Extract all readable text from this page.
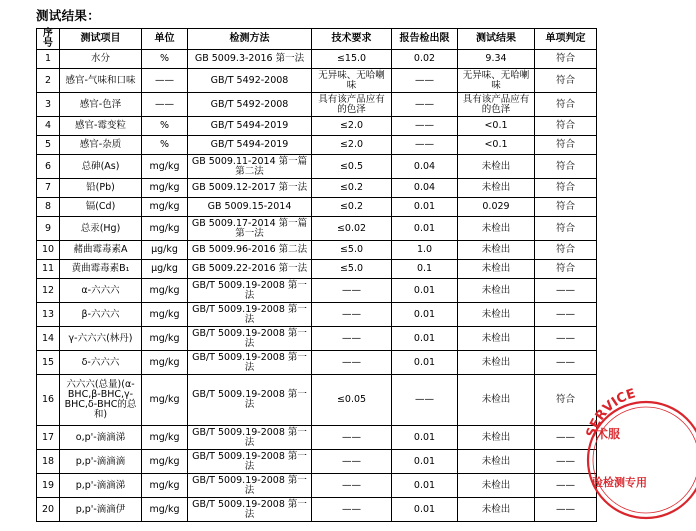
测试结果：
序号	测试项目	单位	检测方法	技术要求	报告检出限	测试结果	单项判定
1	水分	%	GB 5009.3-2016 第一法	≤15.0	0.02	9.34	符合
2	感官-气味和口味	——	GB/T 5492-2008	无异味、无哈喇味	——	无异味、无哈喇味	符合
3	感官-色泽	——	GB/T 5492-2008	具有该产品应有的色泽	——	具有该产品应有的色泽	符合
4	感官-霉变粒	%	GB/T 5494-2019	≤2.0	——	<0.1	符合
5	感官-杂质	%	GB/T 5494-2019	≤2.0	——	<0.1	符合
6	总砷(As)	mg/kg	GB 5009.11-2014 第一篇第二法	≤0.5	0.04	未检出	符合
7	铅(Pb)	mg/kg	GB 5009.12-2017 第一法	≤0.2	0.04	未检出	符合
8	镉(Cd)	mg/kg	GB 5009.15-2014	≤0.2	0.01	0.029	符合
9	总汞(Hg)	mg/kg	GB 5009.17-2014 第一篇第一法	≤0.02	0.01	未检出	符合
10	赭曲霉毒素A	μg/kg	GB 5009.96-2016 第二法	≤5.0	1.0	未检出	符合
11	黄曲霉毒素B₁	μg/kg	GB 5009.22-2016 第一法	≤5.0	0.1	未检出	符合
12	α-六六六	mg/kg	GB/T 5009.19-2008 第一法	——	0.01	未检出	——
13	β-六六六	mg/kg	GB/T 5009.19-2008 第一法	——	0.01	未检出	——
14	γ-六六六(林丹)	mg/kg	GB/T 5009.19-2008 第一法	——	0.01	未检出	——
15	δ-六六六	mg/kg	GB/T 5009.19-2008 第一法	——	0.01	未检出	——
16	六六六(总量)(α-BHC,β-BHC,γ-BHC,δ-BHC的总和)	mg/kg	GB/T 5009.19-2008 第一法	≤0.05	——	未检出	符合
17	o,p'-滴滴涕	mg/kg	GB/T 5009.19-2008 第一法	——	0.01	未检出	——
18	p,p'-滴滴滴	mg/kg	GB/T 5009.19-2008 第一法	——	0.01	未检出	——
19	p,p'-滴滴涕	mg/kg	GB/T 5009.19-2008 第一法	——	0.01	未检出	——
20	p,p'-滴滴伊	mg/kg	GB/T 5009.19-2008 第一法	——	0.01	未检出	——
SERVICE
术服
验检测专用
